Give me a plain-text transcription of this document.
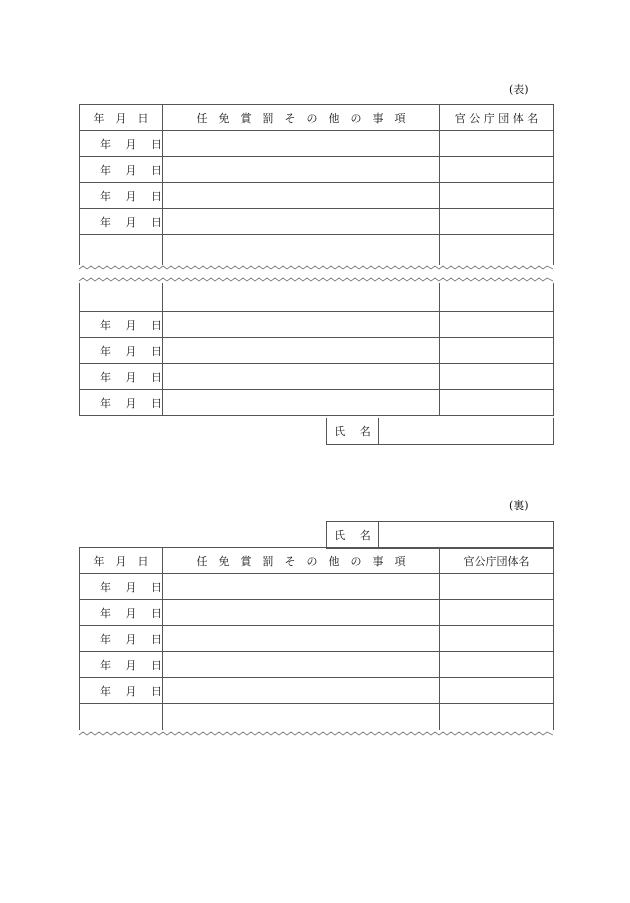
(表)
年　月　日	任　免　賞　罰　そ　の　他　の　事　項	官 公 庁 団 体 名
年　 月　 日		
年　 月　 日		
年　 月　 日		
年　 月　 日		

年　 月　 日		
年　 月　 日		
年　 月　 日		
年　 月　 日		
氏　 名	
(裏)
氏　 名	
年　月　日	任　免　賞　罰　そ　の　他　の　事　項	官公庁団体名
年　 月　 日		
年　 月　 日		
年　 月　 日		
年　 月　 日		
年　 月　 日		
